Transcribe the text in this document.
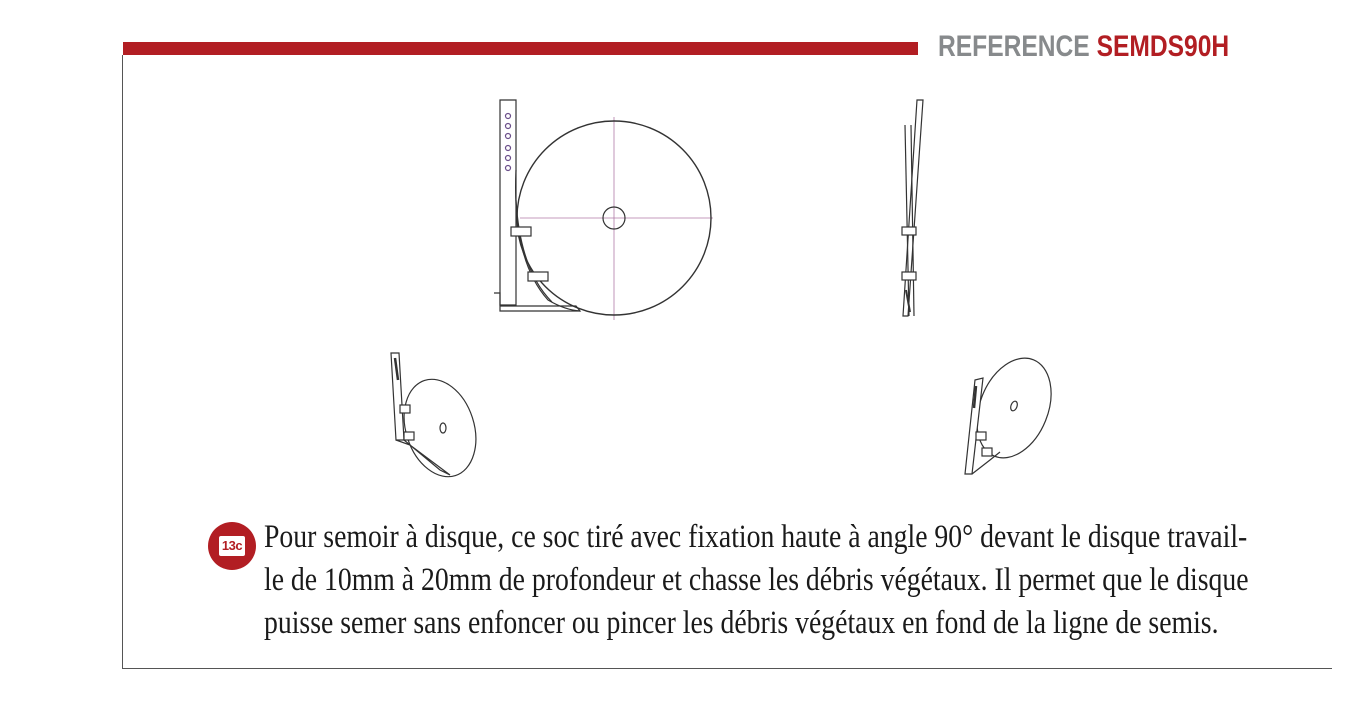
REFERENCE SEMDS90H
13c Pour semoir à disque, ce soc tiré avec fixation haute à angle 90° devant le disque travail-
le de 10mm à 20mm de profondeur et chasse les débris végétaux. Il permet que le disque
puisse semer sans enfoncer ou pincer les débris végétaux en fond de la ligne de semis.
